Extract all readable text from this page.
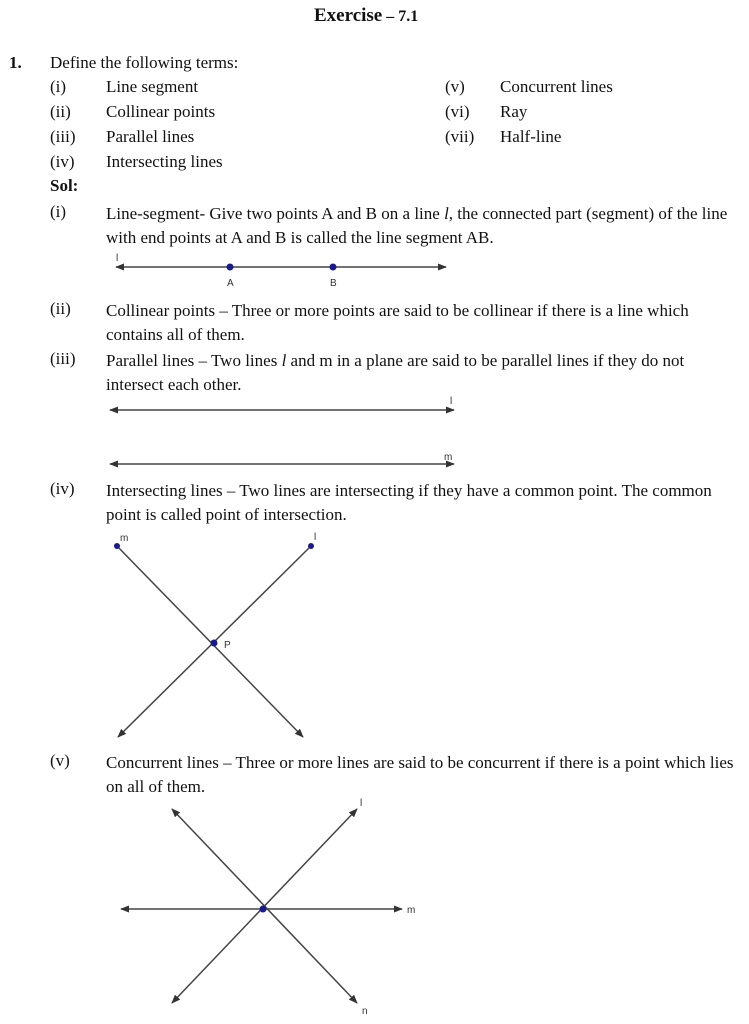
Exercise – 7.1
1. Define the following terms:
(i) Line segment
(ii) Collinear points
(iii) Parallel lines
(iv) Intersecting lines
(v) Concurrent lines
(vi) Ray
(vii) Half-line
Sol:
(i) Line-segment- Give two points A and B on a line l, the connected part (segment) of the line with end points at A and B is called the line segment AB.
(ii) Collinear points – Three or more points are said to be collinear if there is a line which contains all of them.
(iii) Parallel lines – Two lines l and m in a plane are said to be parallel lines if they do not intersect each other.
(iv) Intersecting lines – Two lines are intersecting if they have a common point. The common point is called point of intersection.
(v) Concurrent lines – Three or more lines are said to be concurrent if there is a point which lies on all of them.
l
A	B
l
m
m	l
P
l
m
n
